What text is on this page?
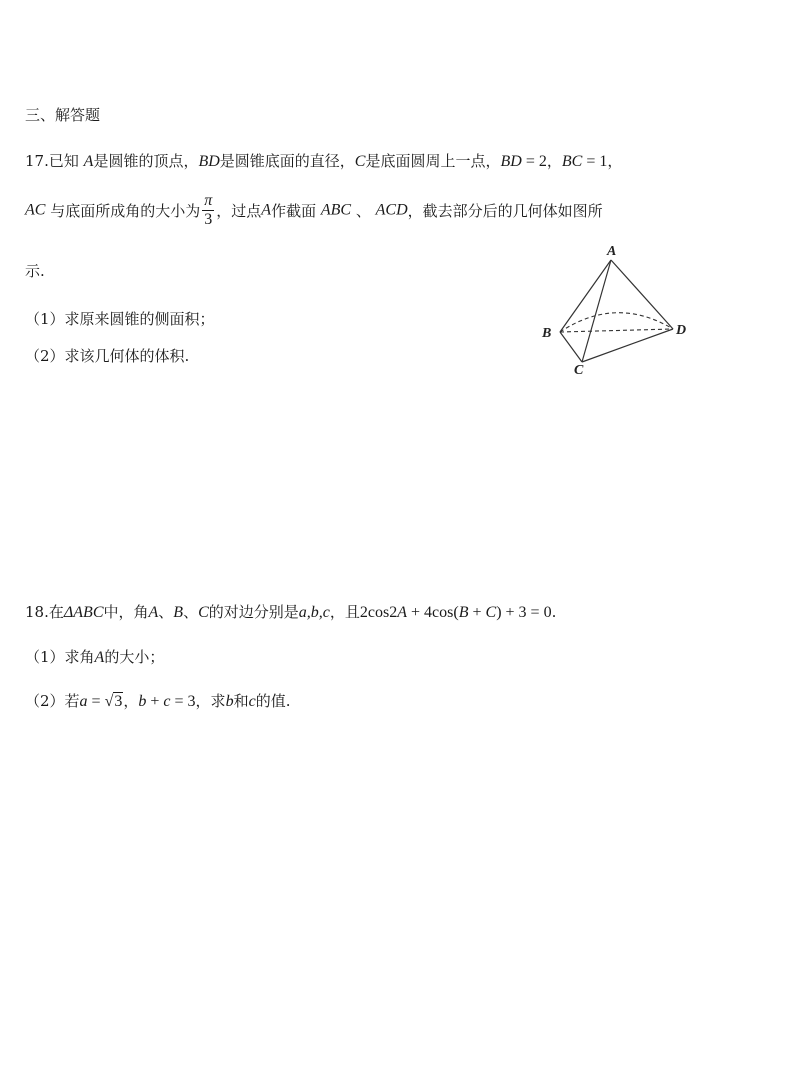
三、解答题
17.已知 A是圆锥的顶点，BD是圆锥底面的直径，C是底面圆周上一点，BD = 2，BC = 1，
AC 与底面所成角的大小为 $\frac{\pi}{3}$ ，过点A作截面 ABC 、 ACD，截去部分后的几何体如图所
示.
（1）求原来圆锥的侧面积；
（2）求该几何体的体积.
A
B
C
D
18.在ΔABC中，角A、B、C的对边分别是a,b,c，且2cos2A + 4cos(B + C) + 3 = 0.
（1）求角A的大小；
（2）若a = √3，b + c = 3，求b和c的值.
